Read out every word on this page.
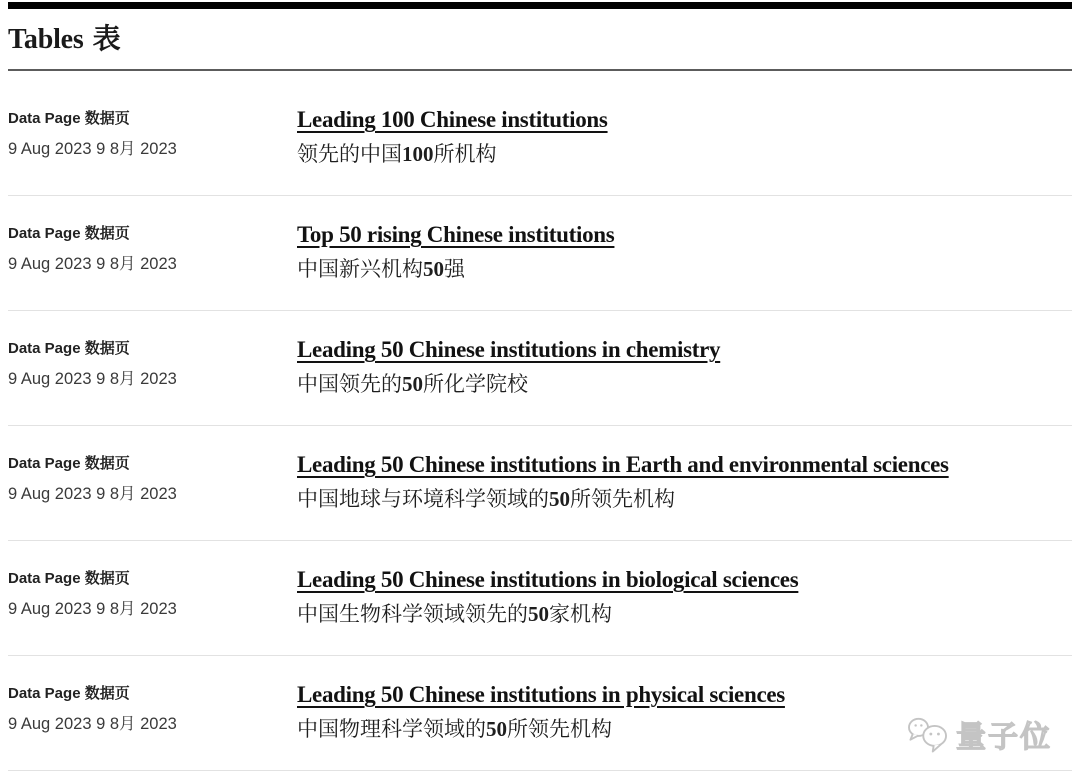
Tables 表
Data Page 数据页
9 Aug 2023 9 8月 2023
Leading 100 Chinese institutions
领先的中国100所机构
Data Page 数据页
9 Aug 2023 9 8月 2023
Top 50 rising Chinese institutions
中国新兴机构50强
Data Page 数据页
9 Aug 2023 9 8月 2023
Leading 50 Chinese institutions in chemistry
中国领先的50所化学院校
Data Page 数据页
9 Aug 2023 9 8月 2023
Leading 50 Chinese institutions in Earth and environmental sciences
中国地球与环境科学领域的50所领先机构
Data Page 数据页
9 Aug 2023 9 8月 2023
Leading 50 Chinese institutions in biological sciences
中国生物科学领域领先的50家机构
Data Page 数据页
9 Aug 2023 9 8月 2023
Leading 50 Chinese institutions in physical sciences
中国物理科学领域的50所领先机构	量子位
